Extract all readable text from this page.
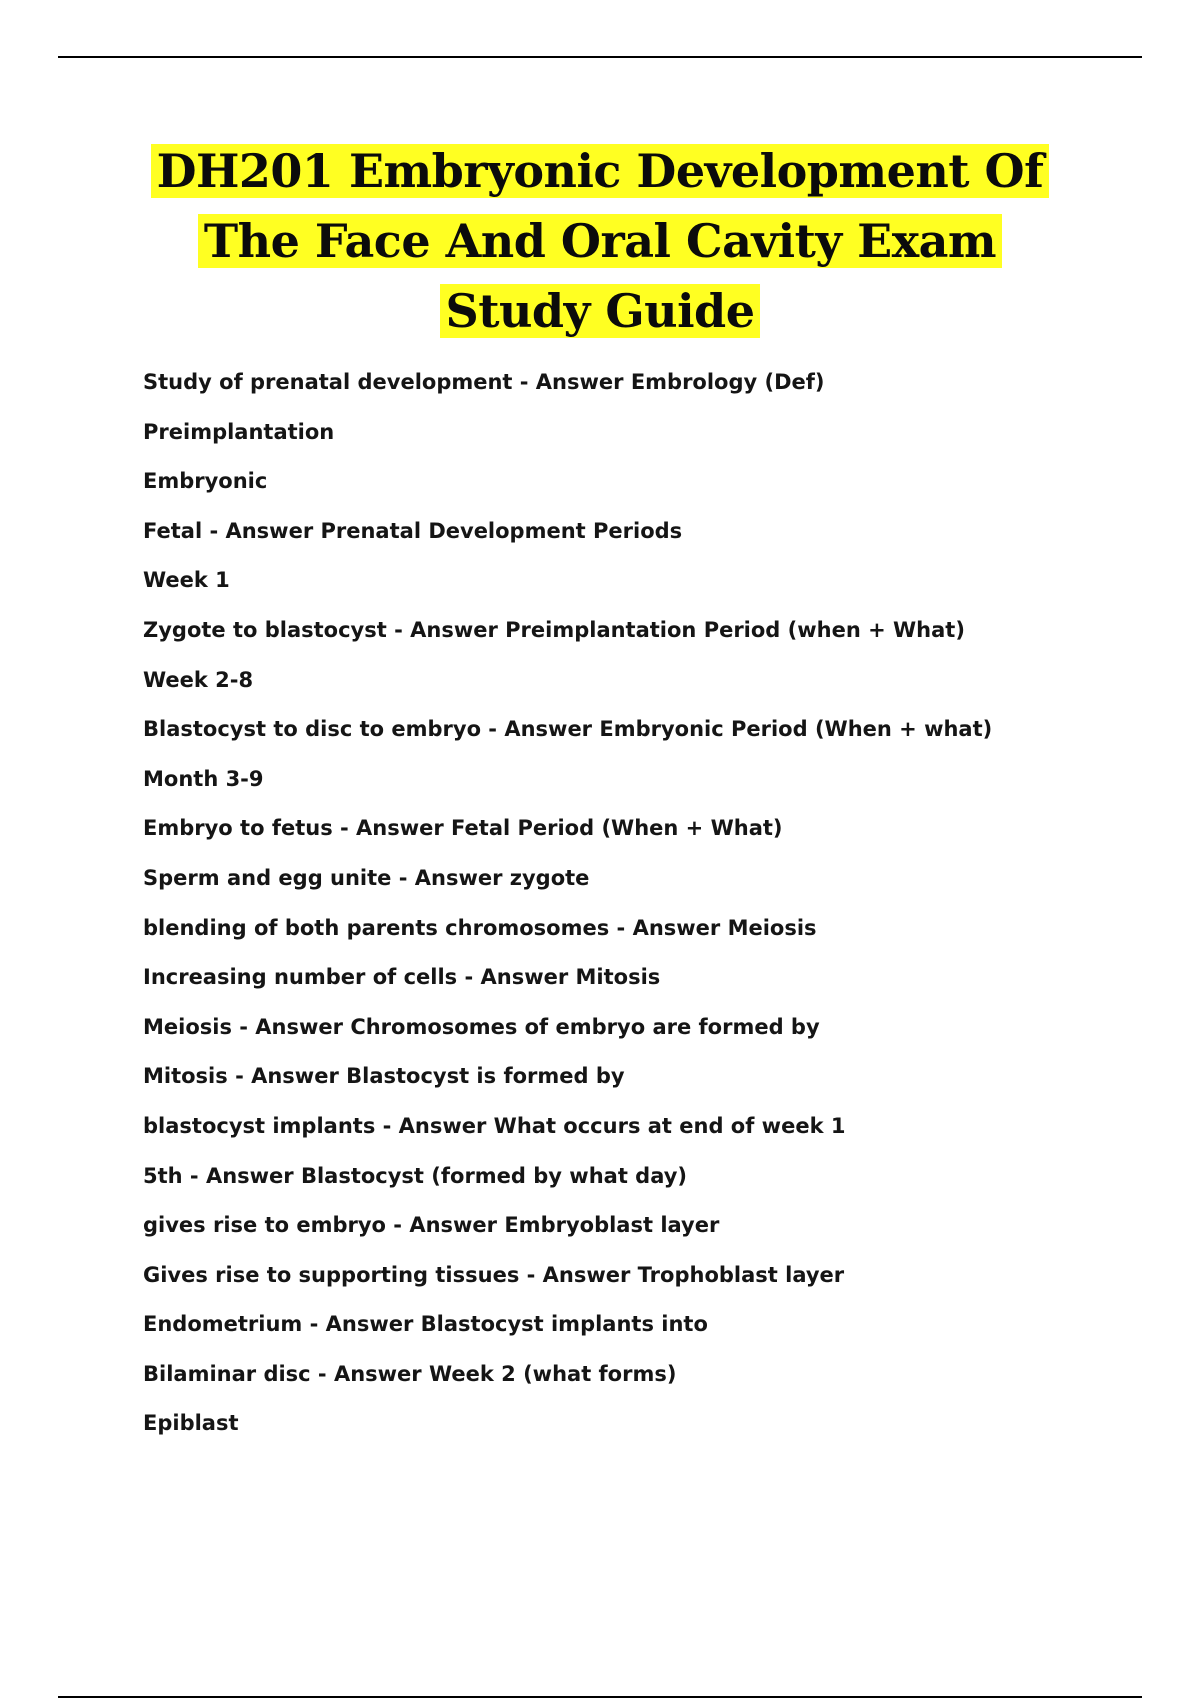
DH201 Embryonic Development Of
The Face And Oral Cavity Exam
Study Guide
Study of prenatal development - Answer Embrology (Def)
Preimplantation
Embryonic
Fetal - Answer Prenatal Development Periods
Week 1
Zygote to blastocyst - Answer Preimplantation Period (when + What)
Week 2-8
Blastocyst to disc to embryo - Answer Embryonic Period (When + what)
Month 3-9
Embryo to fetus - Answer Fetal Period (When + What)
Sperm and egg unite - Answer zygote
blending of both parents chromosomes - Answer Meiosis
Increasing number of cells - Answer Mitosis
Meiosis - Answer Chromosomes of embryo are formed by
Mitosis - Answer Blastocyst is formed by
blastocyst implants - Answer What occurs at end of week 1
5th - Answer Blastocyst (formed by what day)
gives rise to embryo - Answer Embryoblast layer
Gives rise to supporting tissues - Answer Trophoblast layer
Endometrium - Answer Blastocyst implants into
Bilaminar disc - Answer Week 2 (what forms)
Epiblast
